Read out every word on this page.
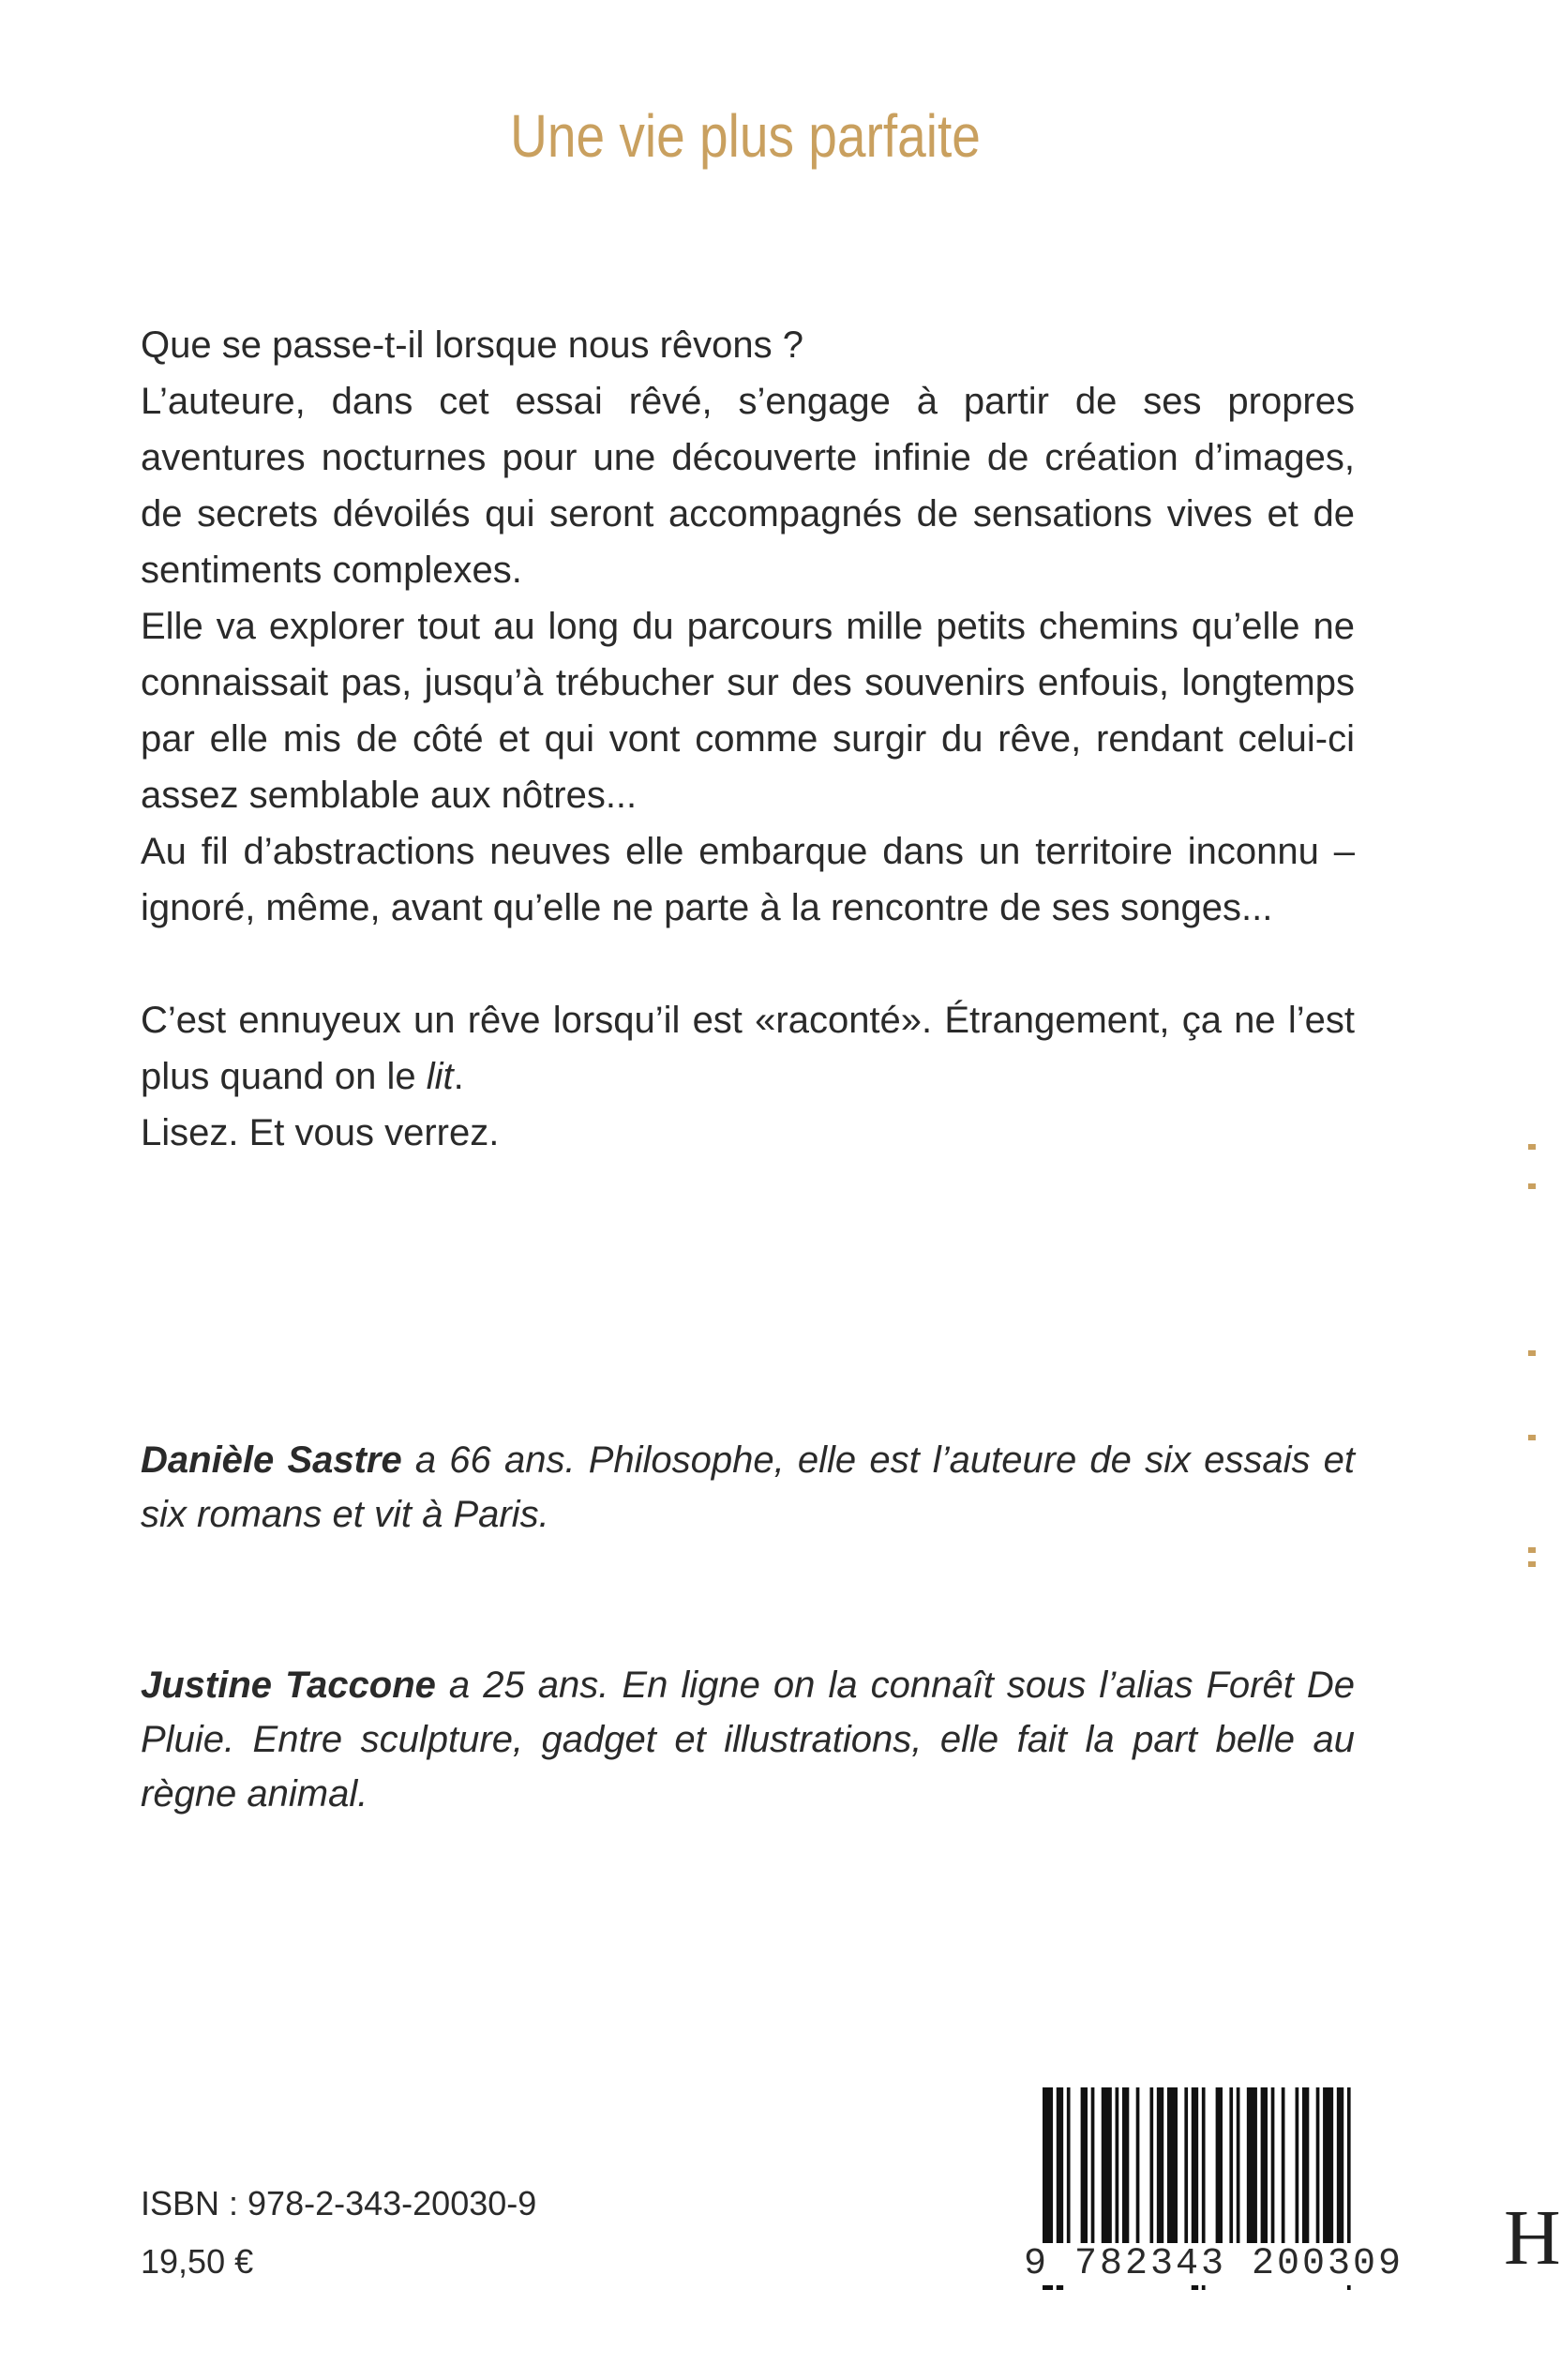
Une vie plus parfaite

Que se passe-t-il lorsque nous rêvons ?

L’auteure, dans cet essai rêvé, s’engage à partir de ses propres aventures nocturnes pour une découverte infinie de création d’images, de secrets dévoilés qui seront accompagnés de sensations vives et de sentiments complexes.

Elle va explorer tout au long du parcours mille petits chemins qu’elle ne connaissait pas, jusqu’à trébucher sur des souvenirs enfouis, longtemps par elle mis de côté et qui vont comme surgir du rêve, rendant celui-ci assez semblable aux nôtres...

Au fil d’abstractions neuves elle embarque dans un territoire inconnu – ignoré, même, avant qu’elle ne parte à la rencontre de ses songes...

C’est ennuyeux un rêve lorsqu’il est «raconté». Étrangement, ça ne l’est plus quand on le lit.

Lisez. Et vous verrez.

Danièle Sastre a 66 ans. Philosophe, elle est l’auteure de six essais et six romans et vit à Paris.
Justine Taccone a 25 ans. En ligne on la connaît sous l’alias Forêt De Pluie. Entre sculpture, gadget et illustrations, elle fait la part belle au règne animal.
ISBN : 978-2-343-20030-9
19,50 €	9 782343 200309 H
